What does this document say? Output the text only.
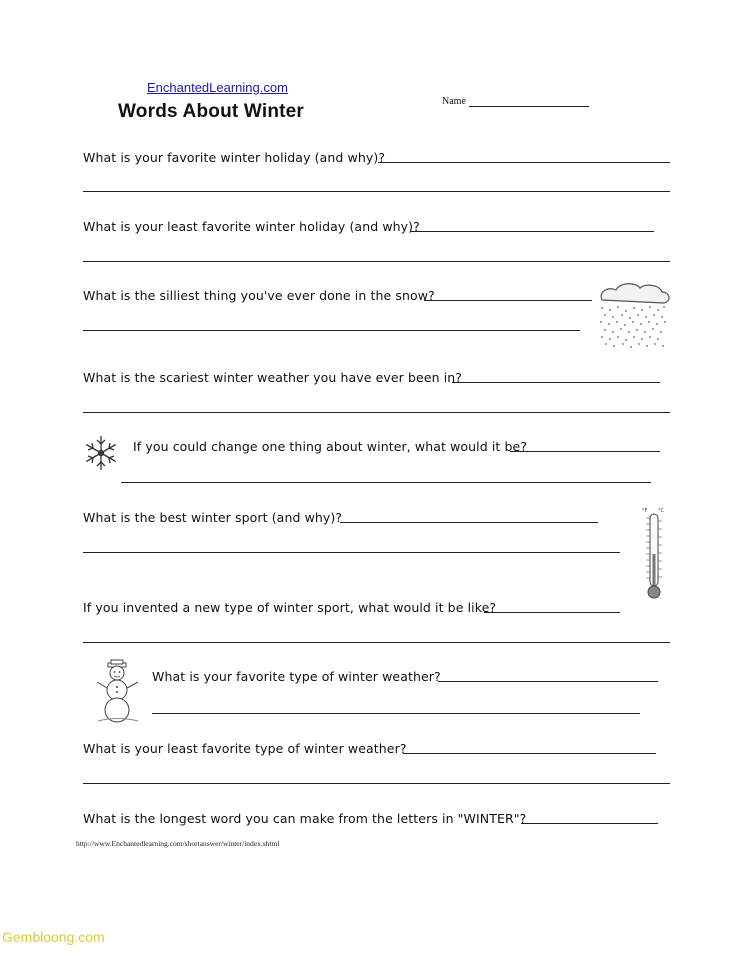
EnchantedLearning.com
Words About Winter	Name
What is your favorite winter holiday (and why)?
What is your least favorite winter holiday (and why)?
What is the silliest thing you've ever done in the snow?
What is the scariest winter weather you have ever been in?
If you could change one thing about winter, what would it be?
What is the best winter sport (and why)?	°F °C
If you invented a new type of winter sport, what would it be like?
What is your favorite type of winter weather?
What is your least favorite type of winter weather?
What is the longest word you can make from the letters in "WINTER"?
http://www.Enchantedlearning.com/shortanswer/winter/index.shtml
Gembloong.com
